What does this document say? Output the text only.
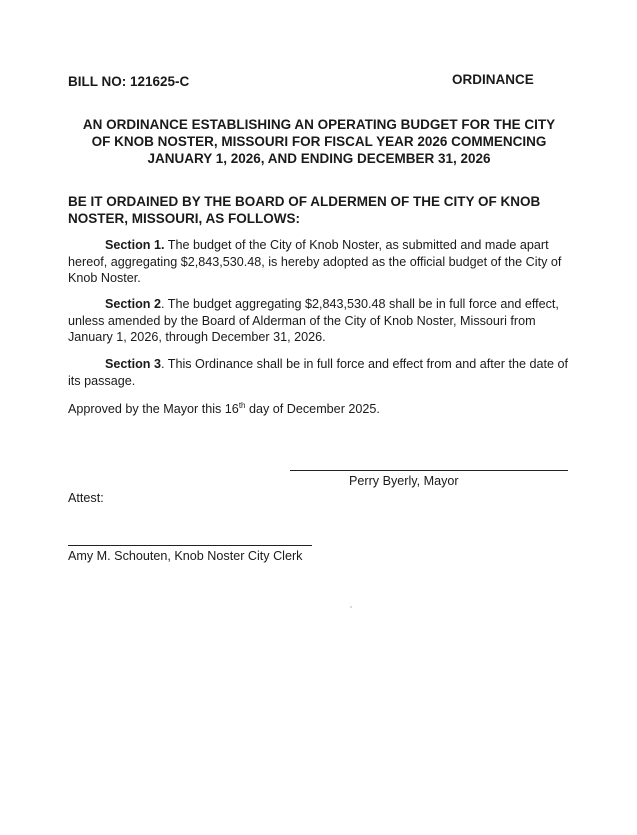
BILL NO: 121625-C	ORDINANCE
AN ORDINANCE ESTABLISHING AN OPERATING BUDGET FOR THE CITY
OF KNOB NOSTER, MISSOURI FOR FISCAL YEAR 2026 COMMENCING
JANUARY 1, 2026, AND ENDING DECEMBER 31, 2026
BE IT ORDAINED BY THE BOARD OF ALDERMEN OF THE CITY OF KNOB NOSTER, MISSOURI, AS FOLLOWS:
Section 1. The budget of the City of Knob Noster, as submitted and made apart hereof, aggregating $2,843,530.48, is hereby adopted as the official budget of the City of Knob Noster.
Section 2. The budget aggregating $2,843,530.48 shall be in full force and effect, unless amended by the Board of Alderman of the City of Knob Noster, Missouri from January 1, 2026, through December 31, 2026.
Section 3. This Ordinance shall be in full force and effect from and after the date of its passage.
Approved by the Mayor this 16th day of December 2025.
Perry Byerly, Mayor
Attest:
Amy M. Schouten, Knob Noster City Clerk
